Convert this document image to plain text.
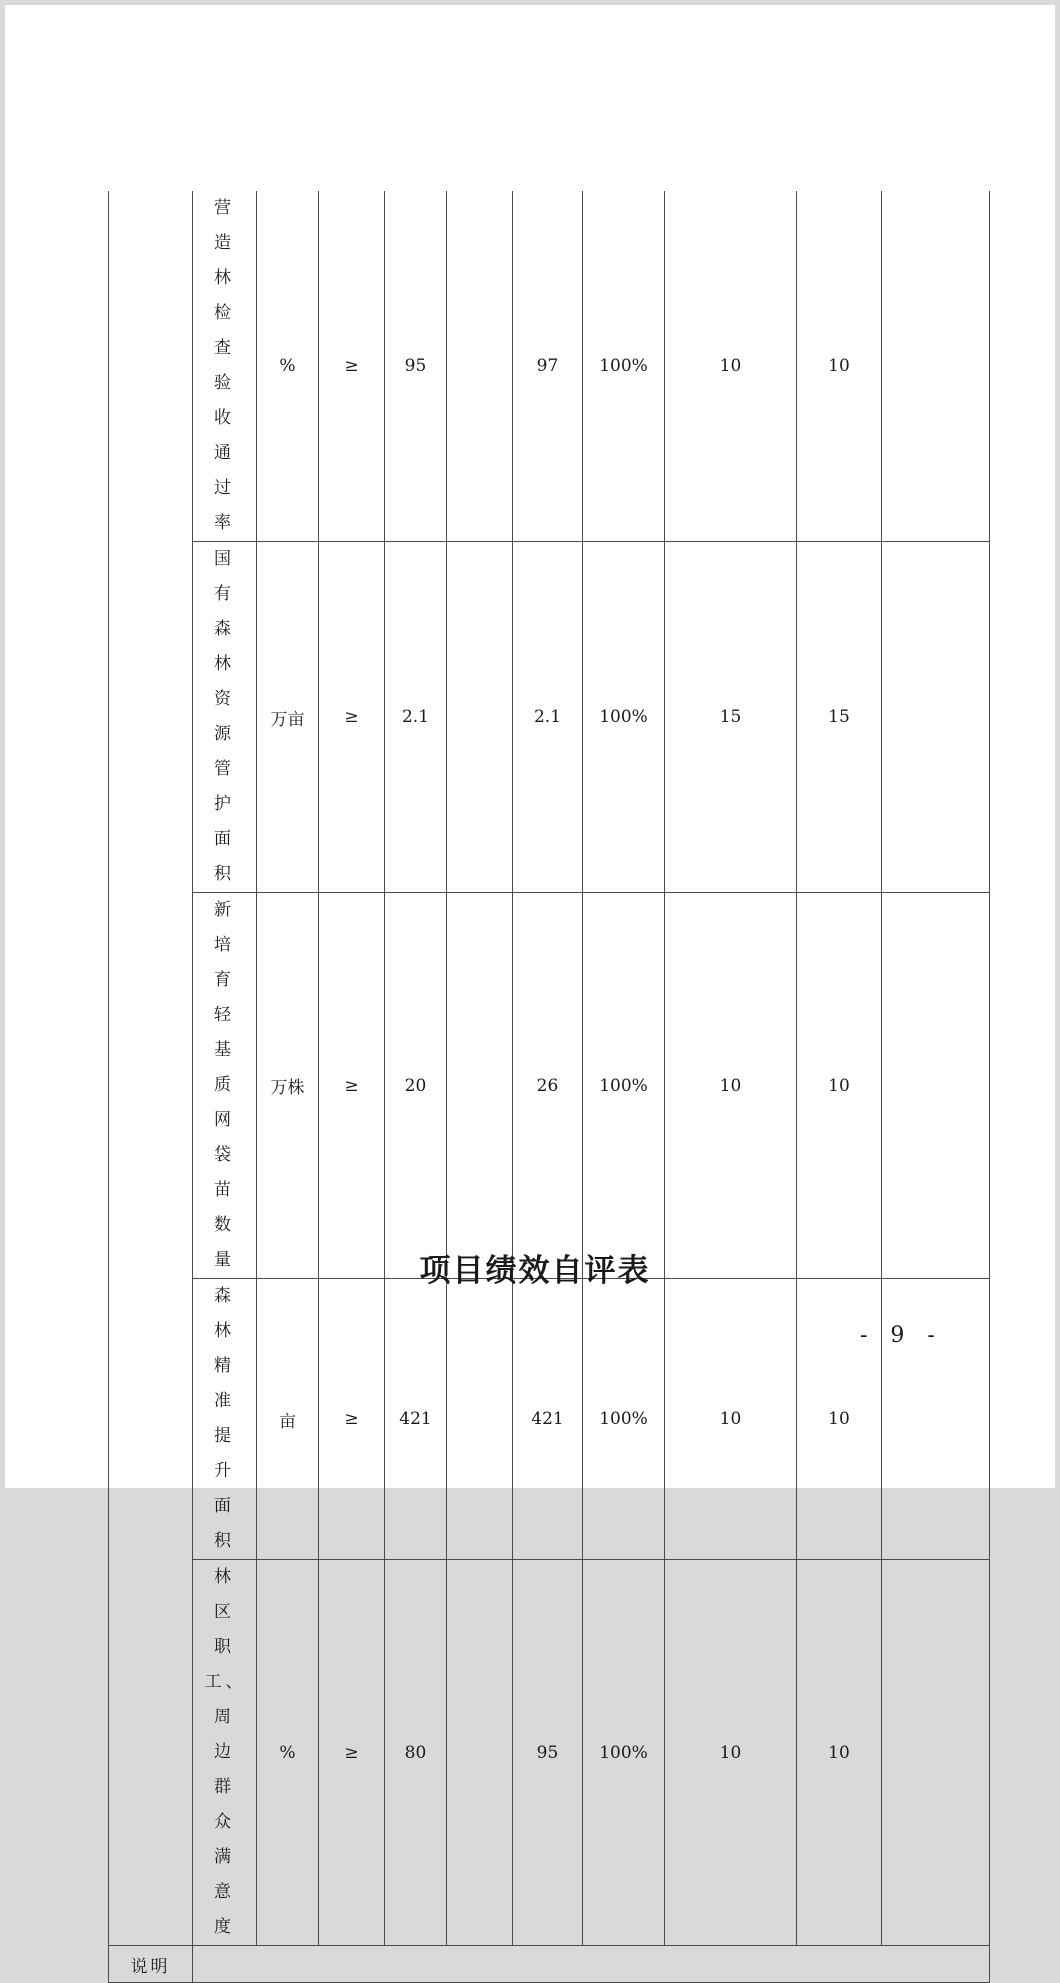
	营造林检查验收通过率	%	≥	95		97	100%	10	10	

	国有森林资源管护面积	万亩	≥	2.1		2.1	100%	15	15	

	新培育轻基质网袋苗数量	万株	≥	20		26	100%	10	10	

	森林精准提升面积	亩	≥	421		421	100%	10	10	

	林区职工、周边群众满意度	%	≥	80		95	100%	10	10	
说明										
项目绩效自评表
- 9 -
